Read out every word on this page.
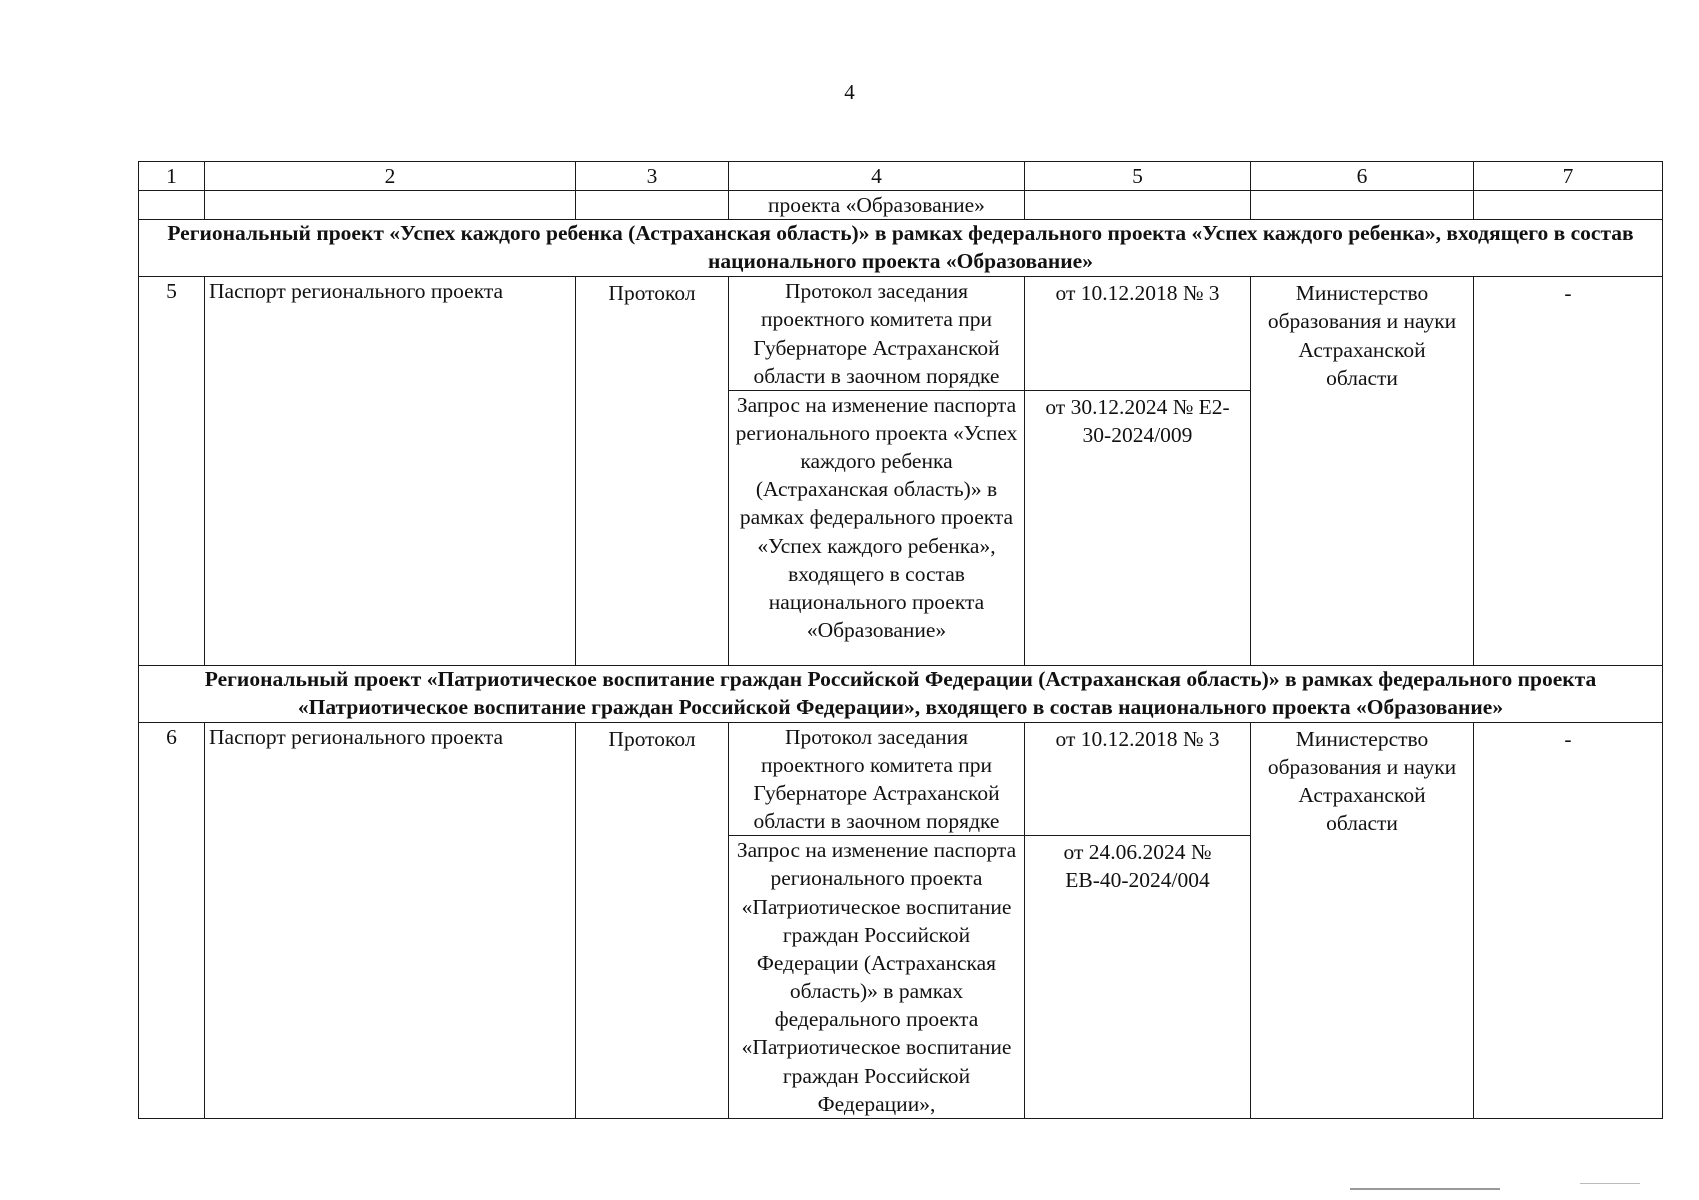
4
1	2	3	4	5	6	7
			проекта «Образование»			
Региональный проект «Успех каждого ребенка (Астраханская область)» в рамках федерального проекта «Успех каждого ребенка», входящего в состав национального проекта «Образование»						
5	Паспорт регионального проекта	Протокол	Протокол заседания проектного комитета при Губернаторе Астраханской области в заочном порядке	от 10.12.2018 № 3	Министерство образования и науки Астраханской области	-
			Запрос на изменение паспорта регионального проекта «Успех каждого ребенка (Астраханская область)» в рамках федерального проекта «Успех каждого ребенка», входящего в состав национального проекта «Образование»	от 30.12.2024 № Е2-30-2024/009		
Региональный проект «Патриотическое воспитание граждан Российской Федерации (Астраханская область)» в рамках федерального проекта «Патриотическое воспитание граждан Российской Федерации», входящего в состав национального проекта «Образование»						
6	Паспорт регионального проекта	Протокол	Протокол заседания проектного комитета при Губернаторе Астраханской области в заочном порядке	от 10.12.2018 № 3	Министерство образования и науки Астраханской области	-
			Запрос на изменение паспорта регионального проекта «Патриотическое воспитание граждан Российской Федерации (Астраханская область)» в рамках федерального проекта «Патриотическое воспитание граждан Российской Федерации»,	от 24.06.2024 № ЕВ-40-2024/004		
